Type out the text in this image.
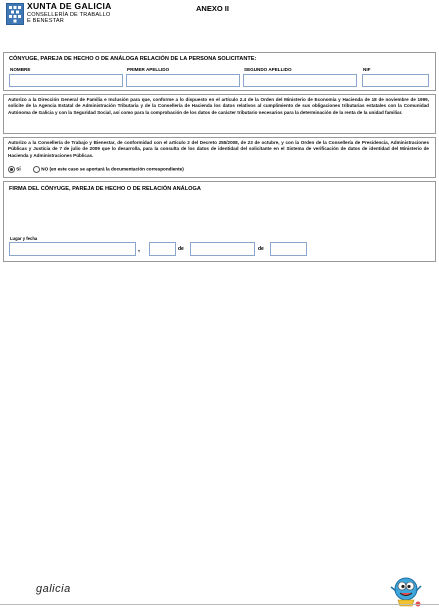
XUNTA DE GALICIA
CONSELLERÍA DE TRABALLO
E BENESTAR
ANEXO II
CÓNYUGE, PAREJA DE HECHO O DE ANÁLOGA RELACIÓN DE LA PERSONA SOLICITANTE:
NOMBRE	PRIMER APELLIDO	SEGUNDO APELLIDO	NIF
Autorizo a la Dirección General de Familia e Inclusión para que, conforme a lo dispuesto en el artículo 2.4 de la Orden del Ministerio de Economía y Hacienda de 18 de noviembre de 1999, solicite de la Agencia Estatal de Administración Tributaria y de la Consellería de Hacienda los datos relativos al cumplimiento de sus obligaciones tributarias estatales con la Comunidad Autónoma de Galicia y con la Seguridad Social, así como para la comprobación de los datos de carácter tributario necesarios para la determinación de la renta de la unidad familiar.
Autorizo a la Consellería de Trabajo y Bienestar, de conformidad con el artículo 2 del Decreto 255/2008, de 23 de octubre, y con la Orden de la Consellería de Presidencia, Administraciones Públicas y Justicia de 7 de julio de 2009 que lo desarrolla, para la consulta de los datos de identidad del solicitante en el Sistema de verificación de datos de identidad del Ministerio de Hacienda y Administraciones Públicas.
SÍ	NO (en este caso se aportará la documentación correspondiente)
FIRMA DEL CÓNYUGE, PAREJA DE HECHO O DE RELACIÓN ANÁLOGA
Lugar y fecha
,	de	de
galicia
